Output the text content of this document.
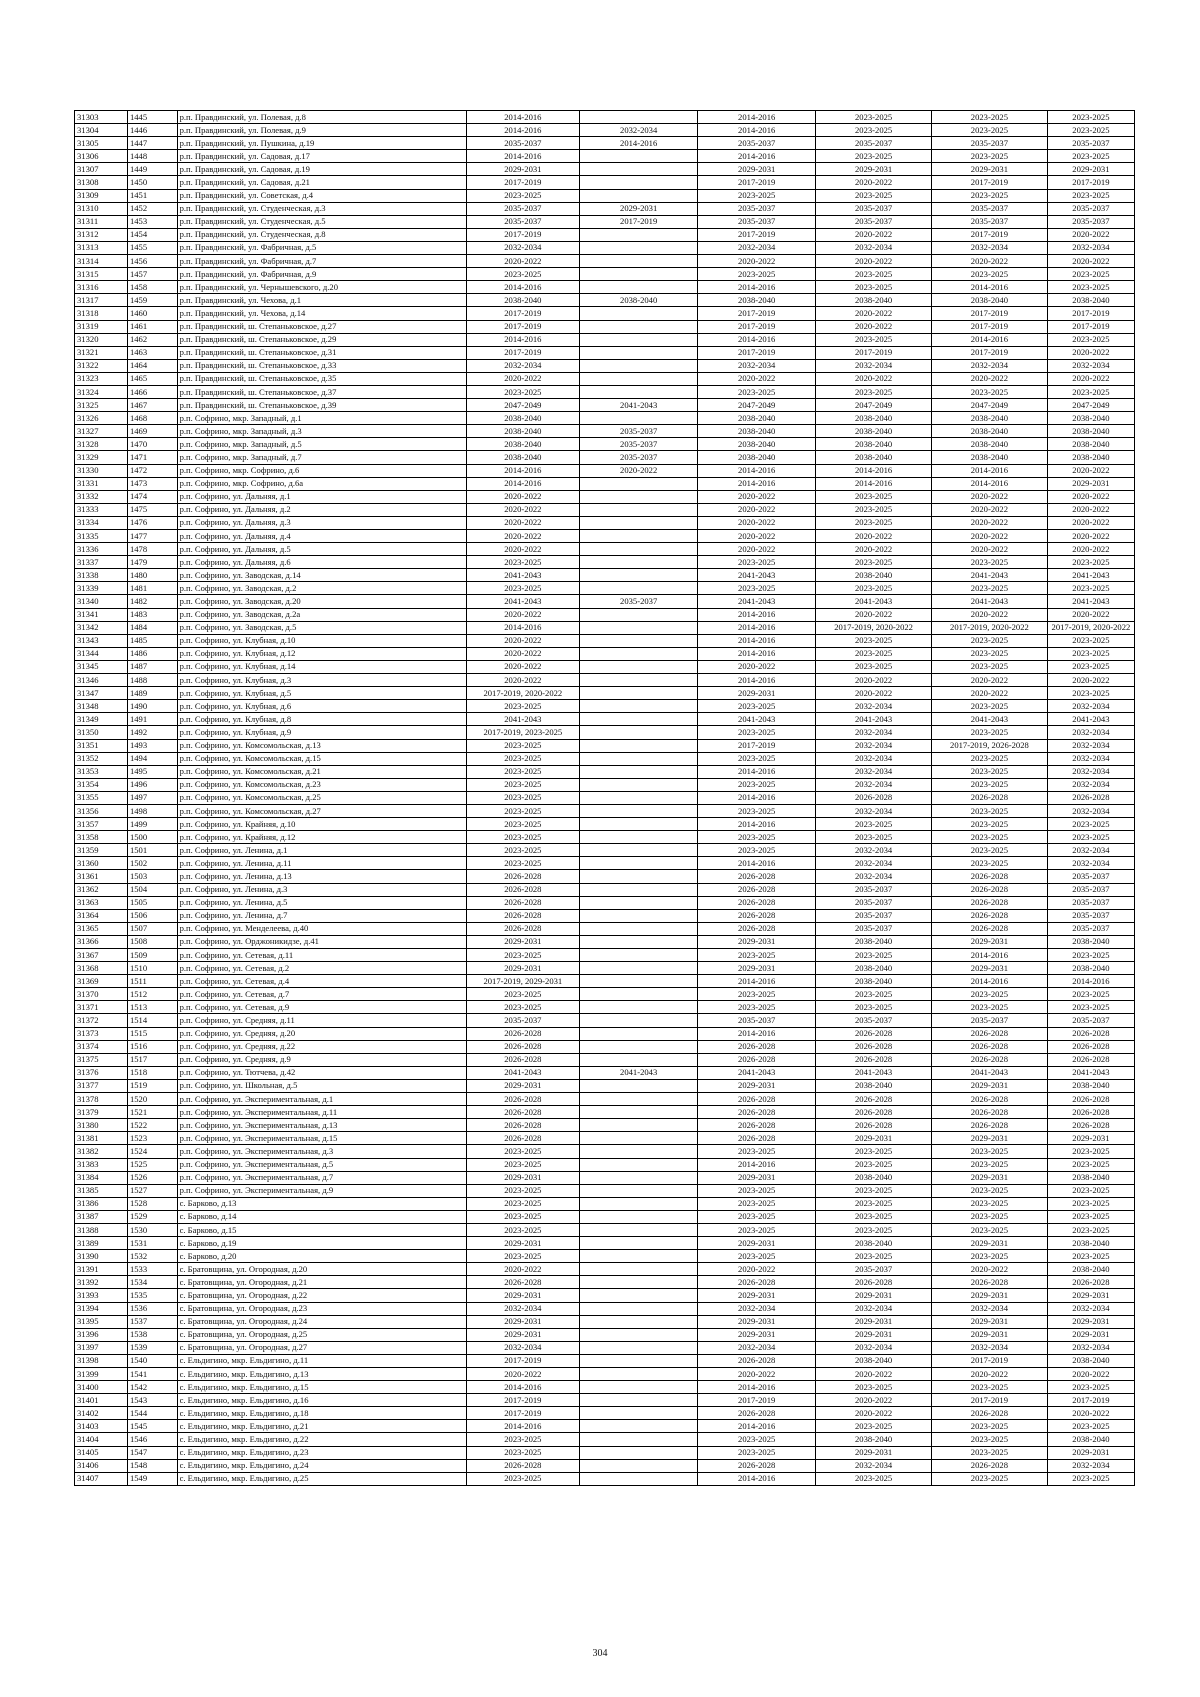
31303	1445	р.п. Правдинский, ул. Полевая, д.8	2014-2016		2014-2016	2023-2025	2023-2025	2023-2025
31304	1446	р.п. Правдинский, ул. Полевая, д.9	2014-2016	2032-2034	2014-2016	2023-2025	2023-2025	2023-2025
31305	1447	р.п. Правдинский, ул. Пушкина, д.19	2035-2037	2014-2016	2035-2037	2035-2037	2035-2037	2035-2037
31306	1448	р.п. Правдинский, ул. Садовая, д.17	2014-2016		2014-2016	2023-2025	2023-2025	2023-2025
31307	1449	р.п. Правдинский, ул. Садовая, д.19	2029-2031		2029-2031	2029-2031	2029-2031	2029-2031
31308	1450	р.п. Правдинский, ул. Садовая, д.21	2017-2019		2017-2019	2020-2022	2017-2019	2017-2019
31309	1451	р.п. Правдинский, ул. Советская, д.4	2023-2025		2023-2025	2023-2025	2023-2025	2023-2025
31310	1452	р.п. Правдинский, ул. Студенческая, д.3	2035-2037	2029-2031	2035-2037	2035-2037	2035-2037	2035-2037
31311	1453	р.п. Правдинский, ул. Студенческая, д.5	2035-2037	2017-2019	2035-2037	2035-2037	2035-2037	2035-2037
31312	1454	р.п. Правдинский, ул. Студенческая, д.8	2017-2019		2017-2019	2020-2022	2017-2019	2020-2022
31313	1455	р.п. Правдинский, ул. Фабричная, д.5	2032-2034		2032-2034	2032-2034	2032-2034	2032-2034
31314	1456	р.п. Правдинский, ул. Фабричная, д.7	2020-2022		2020-2022	2020-2022	2020-2022	2020-2022
31315	1457	р.п. Правдинский, ул. Фабричная, д.9	2023-2025		2023-2025	2023-2025	2023-2025	2023-2025
31316	1458	р.п. Правдинский, ул. Чернышевского, д.20	2014-2016		2014-2016	2023-2025	2014-2016	2023-2025
31317	1459	р.п. Правдинский, ул. Чехова, д.1	2038-2040	2038-2040	2038-2040	2038-2040	2038-2040	2038-2040
31318	1460	р.п. Правдинский, ул. Чехова, д.14	2017-2019		2017-2019	2020-2022	2017-2019	2017-2019
31319	1461	р.п. Правдинский, ш. Степаньковское, д.27	2017-2019		2017-2019	2020-2022	2017-2019	2017-2019
31320	1462	р.п. Правдинский, ш. Степаньковское, д.29	2014-2016		2014-2016	2023-2025	2014-2016	2023-2025
31321	1463	р.п. Правдинский, ш. Степаньковское, д.31	2017-2019		2017-2019	2017-2019	2017-2019	2020-2022
31322	1464	р.п. Правдинский, ш. Степаньковское, д.33	2032-2034		2032-2034	2032-2034	2032-2034	2032-2034
31323	1465	р.п. Правдинский, ш. Степаньковское, д.35	2020-2022		2020-2022	2020-2022	2020-2022	2020-2022
31324	1466	р.п. Правдинский, ш. Степаньковское, д.37	2023-2025		2023-2025	2023-2025	2023-2025	2023-2025
31325	1467	р.п. Правдинский, ш. Степаньковское, д.39	2047-2049	2041-2043	2047-2049	2047-2049	2047-2049	2047-2049
31326	1468	р.п. Софрино, мкр. Западный, д.1	2038-2040		2038-2040	2038-2040	2038-2040	2038-2040
31327	1469	р.п. Софрино, мкр. Западный, д.3	2038-2040	2035-2037	2038-2040	2038-2040	2038-2040	2038-2040
31328	1470	р.п. Софрино, мкр. Западный, д.5	2038-2040	2035-2037	2038-2040	2038-2040	2038-2040	2038-2040
31329	1471	р.п. Софрино, мкр. Западный, д.7	2038-2040	2035-2037	2038-2040	2038-2040	2038-2040	2038-2040
31330	1472	р.п. Софрино, мкр. Софрино, д.6	2014-2016	2020-2022	2014-2016	2014-2016	2014-2016	2020-2022
31331	1473	р.п. Софрино, мкр. Софрино, д.6а	2014-2016		2014-2016	2014-2016	2014-2016	2029-2031
31332	1474	р.п. Софрино, ул. Дальняя, д.1	2020-2022		2020-2022	2023-2025	2020-2022	2020-2022
31333	1475	р.п. Софрино, ул. Дальняя, д.2	2020-2022		2020-2022	2023-2025	2020-2022	2020-2022
31334	1476	р.п. Софрино, ул. Дальняя, д.3	2020-2022		2020-2022	2023-2025	2020-2022	2020-2022
31335	1477	р.п. Софрино, ул. Дальняя, д.4	2020-2022		2020-2022	2020-2022	2020-2022	2020-2022
31336	1478	р.п. Софрино, ул. Дальняя, д.5	2020-2022		2020-2022	2020-2022	2020-2022	2020-2022
31337	1479	р.п. Софрино, ул. Дальняя, д.6	2023-2025		2023-2025	2023-2025	2023-2025	2023-2025
31338	1480	р.п. Софрино, ул. Заводская, д.14	2041-2043		2041-2043	2038-2040	2041-2043	2041-2043
31339	1481	р.п. Софрино, ул. Заводская, д.2	2023-2025		2023-2025	2023-2025	2023-2025	2023-2025
31340	1482	р.п. Софрино, ул. Заводская, д.20	2041-2043	2035-2037	2041-2043	2041-2043	2041-2043	2041-2043
31341	1483	р.п. Софрино, ул. Заводская, д.2а	2020-2022		2014-2016	2020-2022	2020-2022	2020-2022
31342	1484	р.п. Софрино, ул. Заводская, д.5	2014-2016		2014-2016	2017-2019, 2020-2022	2017-2019, 2020-2022	2017-2019, 2020-2022
31343	1485	р.п. Софрино, ул. Клубная, д.10	2020-2022		2014-2016	2023-2025	2023-2025	2023-2025
31344	1486	р.п. Софрино, ул. Клубная, д.12	2020-2022		2014-2016	2023-2025	2023-2025	2023-2025
31345	1487	р.п. Софрино, ул. Клубная, д.14	2020-2022		2020-2022	2023-2025	2023-2025	2023-2025
31346	1488	р.п. Софрино, ул. Клубная, д.3	2020-2022		2014-2016	2020-2022	2020-2022	2020-2022
31347	1489	р.п. Софрино, ул. Клубная, д.5	2017-2019, 2020-2022		2029-2031	2020-2022	2020-2022	2023-2025
31348	1490	р.п. Софрино, ул. Клубная, д.6	2023-2025		2023-2025	2032-2034	2023-2025	2032-2034
31349	1491	р.п. Софрино, ул. Клубная, д.8	2041-2043		2041-2043	2041-2043	2041-2043	2041-2043
31350	1492	р.п. Софрино, ул. Клубная, д.9	2017-2019, 2023-2025		2023-2025	2032-2034	2023-2025	2032-2034
31351	1493	р.п. Софрино, ул. Комсомольская, д.13	2023-2025		2017-2019	2032-2034	2017-2019, 2026-2028	2032-2034
31352	1494	р.п. Софрино, ул. Комсомольская, д.15	2023-2025		2023-2025	2032-2034	2023-2025	2032-2034
31353	1495	р.п. Софрино, ул. Комсомольская, д.21	2023-2025		2014-2016	2032-2034	2023-2025	2032-2034
31354	1496	р.п. Софрино, ул. Комсомольская, д.23	2023-2025		2023-2025	2032-2034	2023-2025	2032-2034
31355	1497	р.п. Софрино, ул. Комсомольская, д.25	2023-2025		2014-2016	2026-2028	2026-2028	2026-2028
31356	1498	р.п. Софрино, ул. Комсомольская, д.27	2023-2025		2023-2025	2032-2034	2023-2025	2032-2034
31357	1499	р.п. Софрино, ул. Крайняя, д.10	2023-2025		2014-2016	2023-2025	2023-2025	2023-2025
31358	1500	р.п. Софрино, ул. Крайняя, д.12	2023-2025		2023-2025	2023-2025	2023-2025	2023-2025
31359	1501	р.п. Софрино, ул. Ленина, д.1	2023-2025		2023-2025	2032-2034	2023-2025	2032-2034
31360	1502	р.п. Софрино, ул. Ленина, д.11	2023-2025		2014-2016	2032-2034	2023-2025	2032-2034
31361	1503	р.п. Софрино, ул. Ленина, д.13	2026-2028		2026-2028	2032-2034	2026-2028	2035-2037
31362	1504	р.п. Софрино, ул. Ленина, д.3	2026-2028		2026-2028	2035-2037	2026-2028	2035-2037
31363	1505	р.п. Софрино, ул. Ленина, д.5	2026-2028		2026-2028	2035-2037	2026-2028	2035-2037
31364	1506	р.п. Софрино, ул. Ленина, д.7	2026-2028		2026-2028	2035-2037	2026-2028	2035-2037
31365	1507	р.п. Софрино, ул. Менделеева, д.40	2026-2028		2026-2028	2035-2037	2026-2028	2035-2037
31366	1508	р.п. Софрино, ул. Орджоникидзе, д.41	2029-2031		2029-2031	2038-2040	2029-2031	2038-2040
31367	1509	р.п. Софрино, ул. Сетевая, д.11	2023-2025		2023-2025	2023-2025	2014-2016	2023-2025
31368	1510	р.п. Софрино, ул. Сетевая, д.2	2029-2031		2029-2031	2038-2040	2029-2031	2038-2040
31369	1511	р.п. Софрино, ул. Сетевая, д.4	2017-2019, 2029-2031		2014-2016	2038-2040	2014-2016	2014-2016
31370	1512	р.п. Софрино, ул. Сетевая, д.7	2023-2025		2023-2025	2023-2025	2023-2025	2023-2025
31371	1513	р.п. Софрино, ул. Сетевая, д.9	2023-2025		2023-2025	2023-2025	2023-2025	2023-2025
31372	1514	р.п. Софрино, ул. Средняя, д.11	2035-2037		2035-2037	2035-2037	2035-2037	2035-2037
31373	1515	р.п. Софрино, ул. Средняя, д.20	2026-2028		2014-2016	2026-2028	2026-2028	2026-2028
31374	1516	р.п. Софрино, ул. Средняя, д.22	2026-2028		2026-2028	2026-2028	2026-2028	2026-2028
31375	1517	р.п. Софрино, ул. Средняя, д.9	2026-2028		2026-2028	2026-2028	2026-2028	2026-2028
31376	1518	р.п. Софрино, ул. Тютчева, д.42	2041-2043	2041-2043	2041-2043	2041-2043	2041-2043	2041-2043
31377	1519	р.п. Софрино, ул. Школьная, д.5	2029-2031		2029-2031	2038-2040	2029-2031	2038-2040
31378	1520	р.п. Софрино, ул. Экспериментальная, д.1	2026-2028		2026-2028	2026-2028	2026-2028	2026-2028
31379	1521	р.п. Софрино, ул. Экспериментальная, д.11	2026-2028		2026-2028	2026-2028	2026-2028	2026-2028
31380	1522	р.п. Софрино, ул. Экспериментальная, д.13	2026-2028		2026-2028	2026-2028	2026-2028	2026-2028
31381	1523	р.п. Софрино, ул. Экспериментальная, д.15	2026-2028		2026-2028	2029-2031	2029-2031	2029-2031
31382	1524	р.п. Софрино, ул. Экспериментальная, д.3	2023-2025		2023-2025	2023-2025	2023-2025	2023-2025
31383	1525	р.п. Софрино, ул. Экспериментальная, д.5	2023-2025		2014-2016	2023-2025	2023-2025	2023-2025
31384	1526	р.п. Софрино, ул. Экспериментальная, д.7	2029-2031		2029-2031	2038-2040	2029-2031	2038-2040
31385	1527	р.п. Софрино, ул. Экспериментальная, д.9	2023-2025		2023-2025	2023-2025	2023-2025	2023-2025
31386	1528	с. Барково, д.13	2023-2025		2023-2025	2023-2025	2023-2025	2023-2025
31387	1529	с. Барково, д.14	2023-2025		2023-2025	2023-2025	2023-2025	2023-2025
31388	1530	с. Барково, д.15	2023-2025		2023-2025	2023-2025	2023-2025	2023-2025
31389	1531	с. Барково, д.19	2029-2031		2029-2031	2038-2040	2029-2031	2038-2040
31390	1532	с. Барково, д.20	2023-2025		2023-2025	2023-2025	2023-2025	2023-2025
31391	1533	с. Братовщина, ул. Огородная, д.20	2020-2022		2020-2022	2035-2037	2020-2022	2038-2040
31392	1534	с. Братовщина, ул. Огородная, д.21	2026-2028		2026-2028	2026-2028	2026-2028	2026-2028
31393	1535	с. Братовщина, ул. Огородная, д.22	2029-2031		2029-2031	2029-2031	2029-2031	2029-2031
31394	1536	с. Братовщина, ул. Огородная, д.23	2032-2034		2032-2034	2032-2034	2032-2034	2032-2034
31395	1537	с. Братовщина, ул. Огородная, д.24	2029-2031		2029-2031	2029-2031	2029-2031	2029-2031
31396	1538	с. Братовщина, ул. Огородная, д.25	2029-2031		2029-2031	2029-2031	2029-2031	2029-2031
31397	1539	с. Братовщина, ул. Огородная, д.27	2032-2034		2032-2034	2032-2034	2032-2034	2032-2034
31398	1540	с. Ельдигино, мкр. Ельдигино, д.11	2017-2019		2026-2028	2038-2040	2017-2019	2038-2040
31399	1541	с. Ельдигино, мкр. Ельдигино, д.13	2020-2022		2020-2022	2020-2022	2020-2022	2020-2022
31400	1542	с. Ельдигино, мкр. Ельдигино, д.15	2014-2016		2014-2016	2023-2025	2023-2025	2023-2025
31401	1543	с. Ельдигино, мкр. Ельдигино, д.16	2017-2019		2017-2019	2020-2022	2017-2019	2017-2019
31402	1544	с. Ельдигино, мкр. Ельдигино, д.18	2017-2019		2026-2028	2020-2022	2026-2028	2020-2022
31403	1545	с. Ельдигино, мкр. Ельдигино, д.21	2014-2016		2014-2016	2023-2025	2023-2025	2023-2025
31404	1546	с. Ельдигино, мкр. Ельдигино, д.22	2023-2025		2023-2025	2038-2040	2023-2025	2038-2040
31405	1547	с. Ельдигино, мкр. Ельдигино, д.23	2023-2025		2023-2025	2029-2031	2023-2025	2029-2031
31406	1548	с. Ельдигино, мкр. Ельдигино, д.24	2026-2028		2026-2028	2032-2034	2026-2028	2032-2034
31407	1549	с. Ельдигино, мкр. Ельдигино, д.25	2023-2025		2014-2016	2023-2025	2023-2025	2023-2025
304
